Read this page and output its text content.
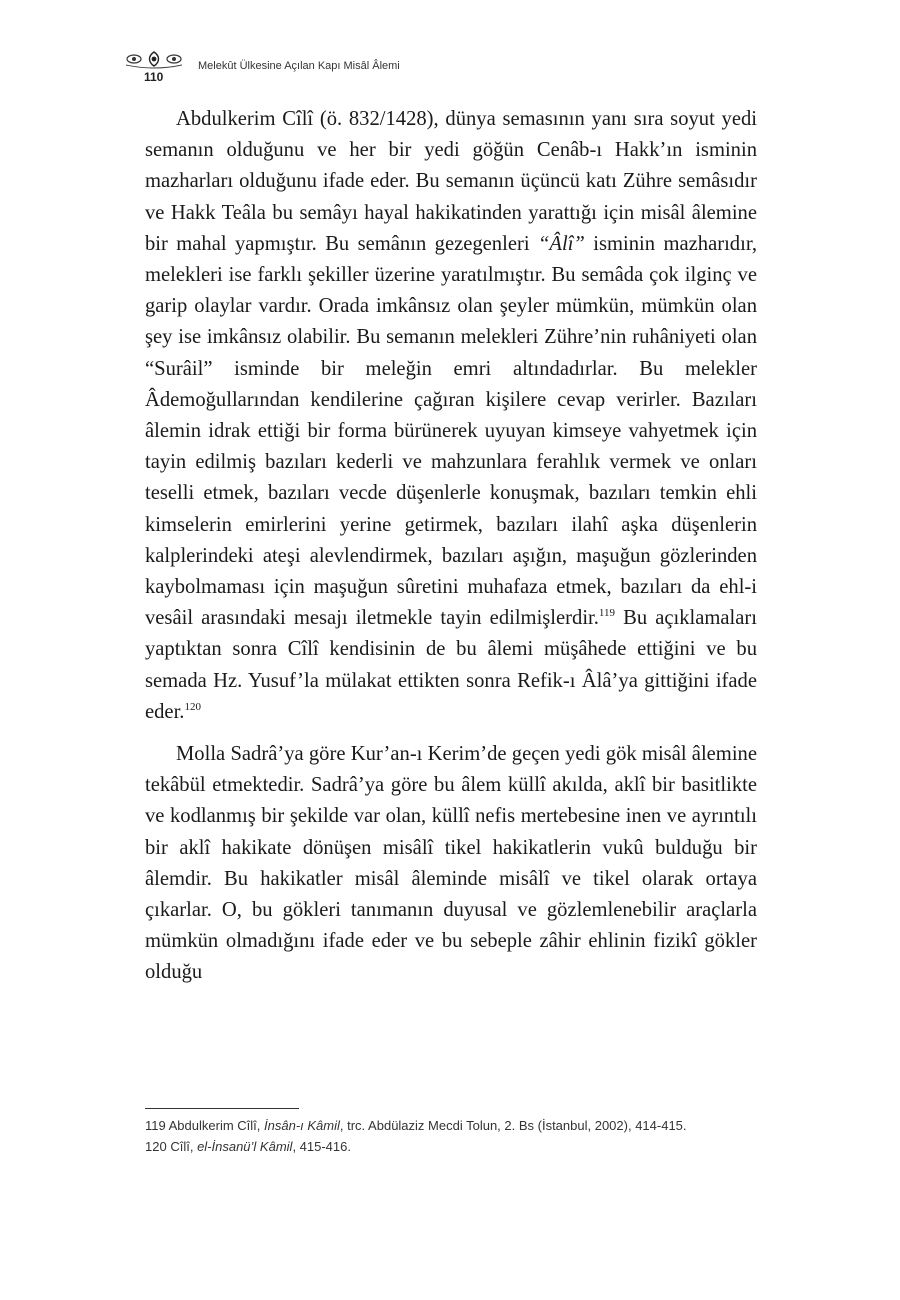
110
Melekût Ülkesine Açılan Kapı Misâl Âlemi

Abdulkerim Cîlî (ö. 832/1428), dünya semasının yanı sıra soyut yedi semanın olduğunu ve her bir yedi göğün Cenâb-ı Hakk’ın isminin mazharları olduğunu ifade eder. Bu semanın üçüncü katı Zühre semâsıdır ve Hakk Teâla bu semâyı hayal hakikatinden yarattığı için misâl âlemine bir mahal yapmıştır. Bu semânın gezegenleri “Âlî” isminin mazharıdır, melekleri ise farklı şekiller üzerine yaratılmıştır. Bu semâda çok ilginç ve garip olaylar vardır. Orada imkânsız olan şeyler mümkün, mümkün olan şey ise imkânsız olabilir. Bu semanın melekleri Zühre’nin ruhâniyeti olan “Surâil” isminde bir meleğin emri altındadırlar. Bu melekler Âdemoğullarından kendilerine çağıran kişilere cevap verirler. Bazıları âlemin idrak ettiği bir forma bürünerek uyuyan kimseye vahyetmek için tayin edilmiş bazıları kederli ve mahzunlara ferahlık vermek ve onları teselli etmek, bazıları vecde düşenlerle konuşmak, bazıları temkin ehli kimselerin emirlerini yerine getirmek, bazıları ilahî aşka düşenlerin kalplerindeki ateşi alevlendirmek, bazıları aşığın, maşuğun gözlerinden kaybolmaması için maşuğun sûretini muhafaza etmek, bazıları da ehl-i vesâil arasındaki mesajı iletmekle tayin edilmişlerdir.$^{119}$ Bu açıklamaları yaptıktan sonra Cîlî kendisinin de bu âlemi müşâhede ettiğini ve bu semada Hz. Yusuf’la mülakat ettikten sonra Refik-ı Âlâ’ya gittiğini ifade eder.$^{120}$

Molla Sadrâ’ya göre Kur’an-ı Kerim’de geçen yedi gök misâl âlemine tekâbül etmektedir. Sadrâ’ya göre bu âlem küllî akılda, aklî bir basitlikte ve kodlanmış bir şekilde var olan, küllî nefis mertebesine inen ve ayrıntılı bir aklî hakikate dönüşen misâlî tikel hakikatlerin vukû bulduğu bir âlemdir. Bu hakikatler misâl âleminde misâlî ve tikel olarak ortaya çıkarlar. O, bu gökleri tanımanın duyusal ve gözlemlenebilir araçlarla mümkün olmadığını ifade eder ve bu sebeple zâhir ehlinin fizikî gökler olduğu

119 Abdulkerim Cîlî, İnsân-ı Kâmil, trc. Abdülaziz Mecdi Tolun, 2. Bs (İstanbul, 2002), 414-415.
120 Cîlî, el-İnsanü’l Kâmil, 415-416.
